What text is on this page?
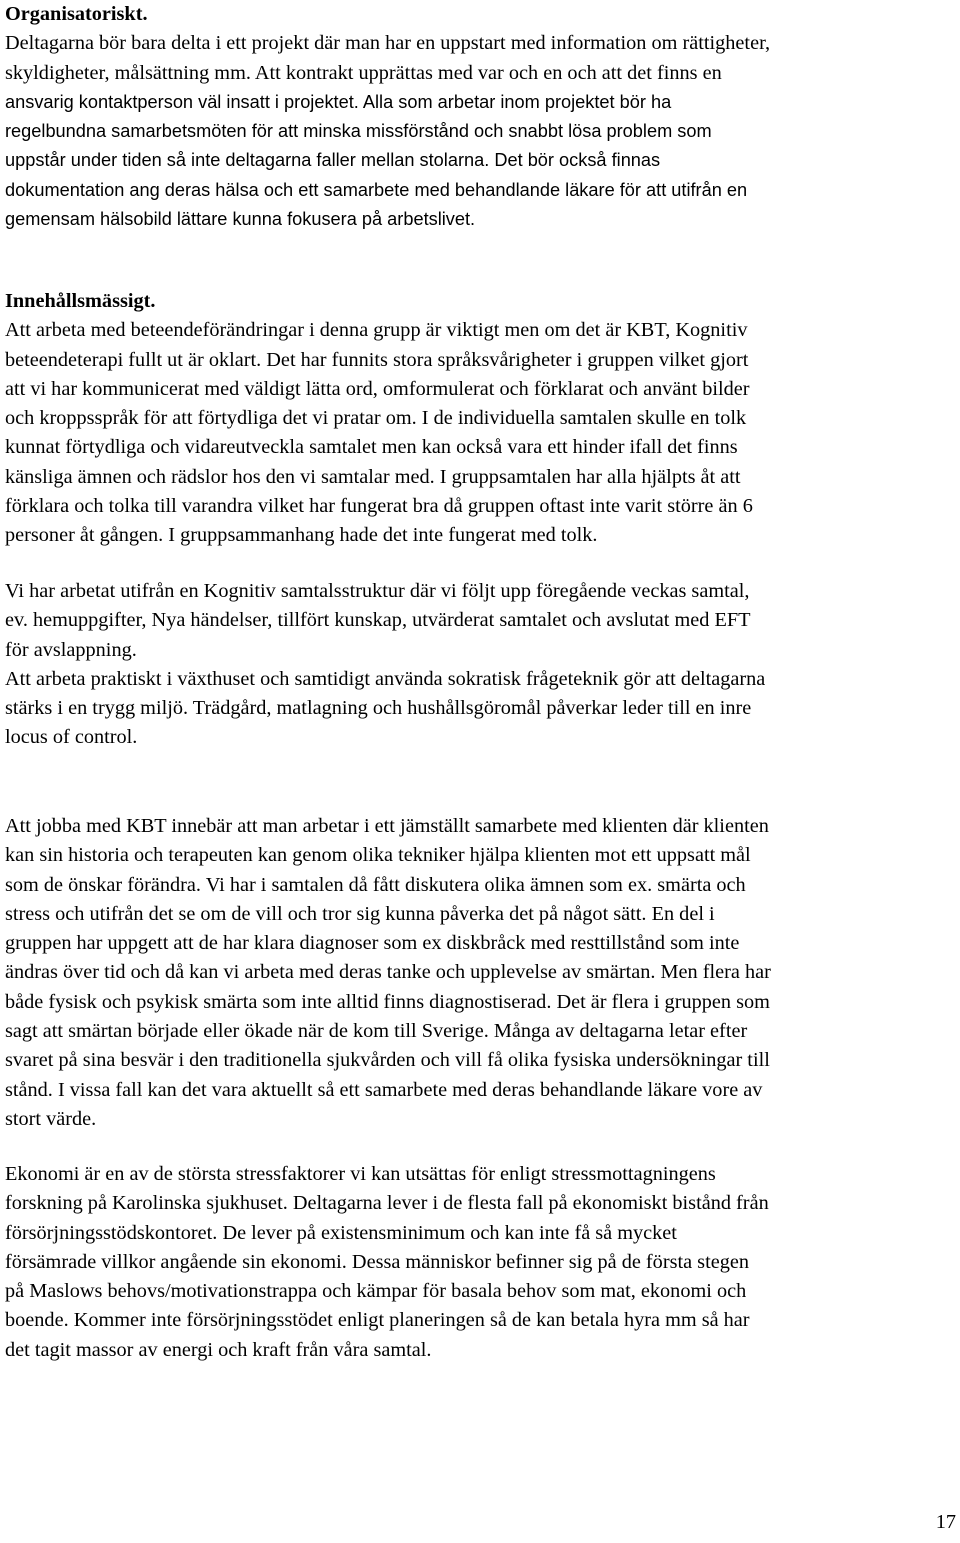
Organisatoriskt.

Deltagarna bör bara delta i ett projekt där man har en uppstart med information om rättigheter,
skyldigheter, målsättning mm. Att kontrakt upprättas med var och en och att det finns en

ansvarig kontaktperson väl insatt i projektet. Alla som arbetar inom projektet bör ha
regelbundna samarbetsmöten för att minska missförstånd och snabbt lösa problem som
uppstår under tiden så inte deltagarna faller mellan stolarna. Det bör också finnas
dokumentation ang deras hälsa och ett samarbete med behandlande läkare för att utifrån en
gemensam hälsobild lättare kunna fokusera på arbetslivet.

Innehållsmässigt.

Att arbeta med beteendeförändringar i denna grupp är viktigt men om det är KBT, Kognitiv
beteendeterapi fullt ut är oklart. Det har funnits stora språksvårigheter i gruppen vilket gjort
att vi har kommunicerat med väldigt lätta ord, omformulerat och förklarat och använt bilder
och kroppsspråk för att förtydliga det vi pratar om. I de individuella samtalen skulle en tolk
kunnat förtydliga och vidareutveckla samtalet men kan också vara ett hinder ifall det finns
känsliga ämnen och rädslor hos den vi samtalar med. I gruppsamtalen har alla hjälpts åt att
förklara och tolka till varandra vilket har fungerat bra då gruppen oftast inte varit större än 6
personer åt gången. I gruppsammanhang hade det inte fungerat med tolk.

Vi har arbetat utifrån en Kognitiv samtalsstruktur där vi följt upp föregående veckas samtal,
ev. hemuppgifter, Nya händelser, tillfört kunskap, utvärderat samtalet och avslutat med EFT
för avslappning.
Att arbeta praktiskt i växthuset och samtidigt använda sokratisk frågeteknik gör att deltagarna
stärks i en trygg miljö. Trädgård, matlagning och hushållsgöromål påverkar leder till en inre
locus of control.

Att jobba med KBT innebär att man arbetar i ett jämställt samarbete med klienten där klienten
kan sin historia och terapeuten kan genom olika tekniker hjälpa klienten mot ett uppsatt mål
som de önskar förändra. Vi har i samtalen då fått diskutera olika ämnen som ex. smärta och
stress och utifrån det se om de vill och tror sig kunna påverka det på något sätt. En del i
gruppen har uppgett att de har klara diagnoser som ex diskbråck med resttillstånd som inte
ändras över tid och då kan vi arbeta med deras tanke och upplevelse av smärtan. Men flera har
både fysisk och psykisk smärta som inte alltid finns diagnostiserad. Det är flera i gruppen som
sagt att smärtan började eller ökade när de kom till Sverige. Många av deltagarna letar efter
svaret på sina besvär i den traditionella sjukvården och vill få olika fysiska undersökningar till
stånd. I vissa fall kan det vara aktuellt så ett samarbete med deras behandlande läkare vore av
stort värde.

Ekonomi är en av de största stressfaktorer vi kan utsättas för enligt stressmottagningens
forskning på Karolinska sjukhuset. Deltagarna lever i de flesta fall på ekonomiskt bistånd från
försörjningsstödskontoret. De lever på existensminimum och kan inte få så mycket
försämrade villkor angående sin ekonomi. Dessa människor befinner sig på de första stegen
på Maslows behovs/motivationstrappa och kämpar för basala behov som mat, ekonomi och
boende. Kommer inte försörjningsstödet enligt planeringen så de kan betala hyra mm så har
det tagit massor av energi och kraft från våra samtal.

17
